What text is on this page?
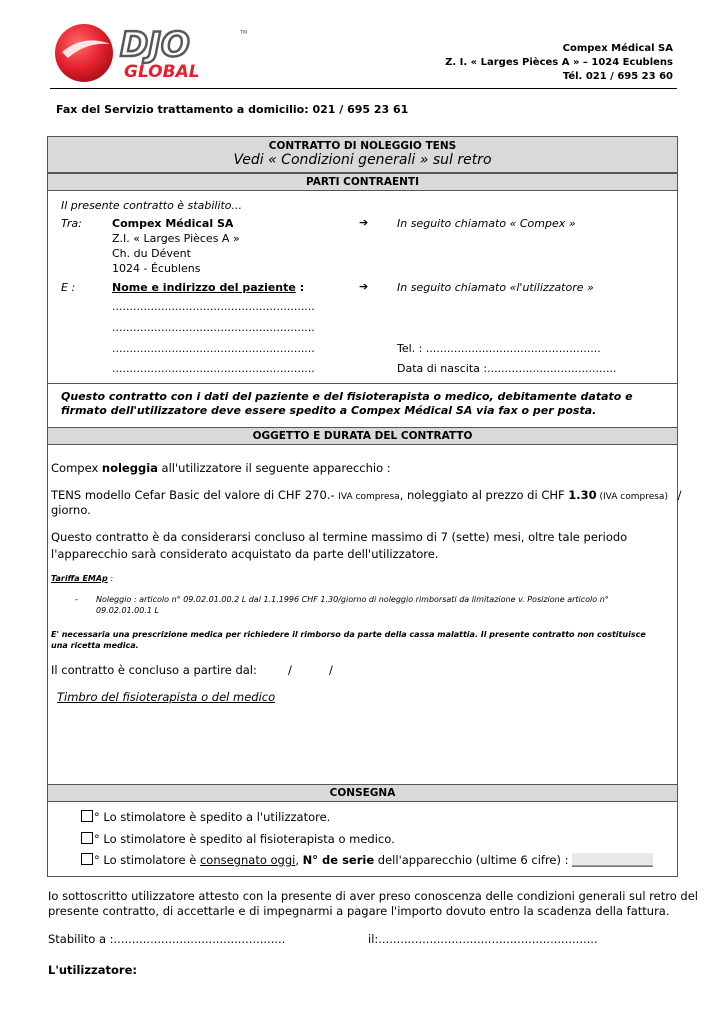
DJO
GLOBAL
TM
Compex Médical SA
Z. I. « Larges Pièces A » – 1024 Ecublens
Tél. 021 / 695 23 60
Fax del Servizio trattamento a domicilio: 021 / 695 23 61
CONTRATTO DI NOLEGGIO TENS
Vedi « Condizioni generali » sul retro
PARTI CONTRAENTI
Il presente contratto è stabilito...
Tra:	Compex Médical SA
Z.I. « Larges Pièces A »
Ch. du Dévent
1024 - Écublens
➔	In seguito chiamato « Compex »
E :	Nome e indirizzo del paziente :	➔	In seguito chiamato «l'utilizzatore »
..........................................................
..........................................................
..........................................................
..........................................................
Tel. : ..................................................
Data di nascita :.....................................
Questo contratto con i dati del paziente e del fisioterapista o medico, debitamente datato e firmato dell'utilizzatore deve essere spedito a Compex Médical SA via fax o per posta.
OGGETTO E DURATA DEL CONTRATTO
Compex noleggia all'utilizzatore il seguente apparecchio :
TENS modello Cefar Basic del valore di CHF 270.- IVA compresa, noleggiato al prezzo di CHF 1.30 (IVA compresa) /
giorno.
Questo contratto è da considerarsi concluso al termine massimo di 7 (sette) mesi, oltre tale periodo
l'apparecchio sarà considerato acquistato da parte dell'utilizzatore.
Tariffa EMAp :
- Noleggio : articolo n° 09.02.01.00.2 L dal 1.1.1996 CHF 1.30/giorno di noleggio rimborsati da limitazione v. Posizione articolo n°
09.02.01.00.1 L
E' necessaria una prescrizione medica per richiedere il rimborso da parte della cassa malattia. Il presente contratto non costituisce
una ricetta medica.
Il contratto è concluso a partire dal:	/	/
Timbro del fisioterapista o del medico
CONSEGNA
° Lo stimolatore è spedito a l'utilizzatore.
° Lo stimolatore è spedito al fisioterapista o medico.
° Lo stimolatore è consegnato oggi, N° de serie dell'apparecchio (ultime 6 cifre) : ______________
Io sottoscritto utilizzatore attesto con la presente di aver preso conoscenza delle condizioni generali sul retro del
presente contratto, di accettarle e di impegnarmi a pagare l'importo dovuto entro la scadenza della fattura.
Stabilito a :...............................................	il:............................................................
L'utilizzatore:
